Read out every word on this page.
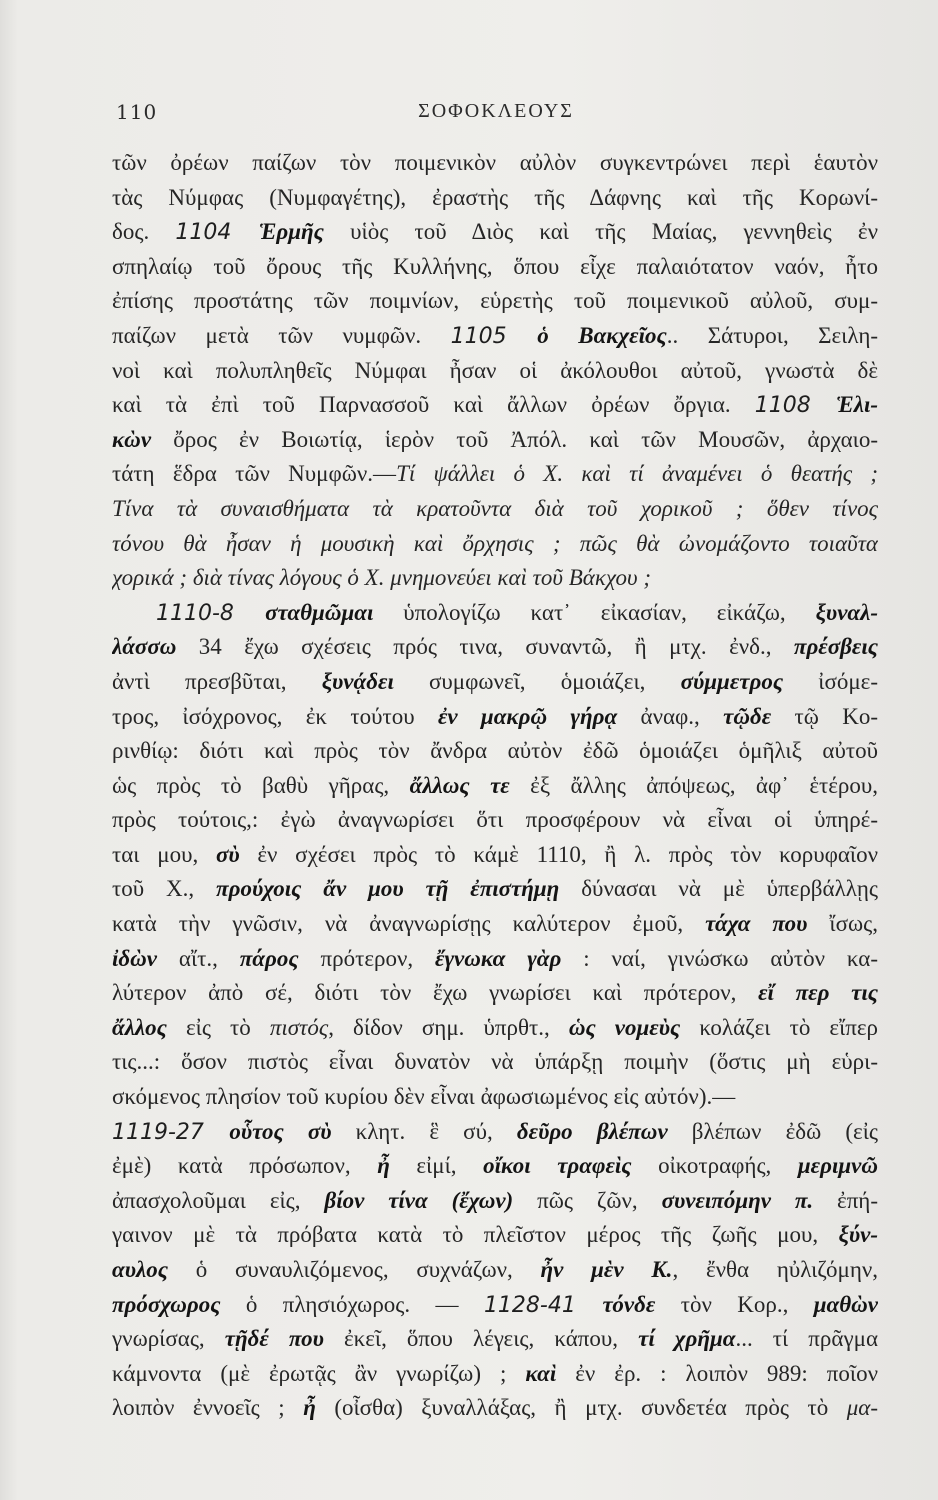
110	ΣΟΦΟΚΛΕΟΥΣ
τῶν ὀρέων παίζων τὸν ποιμενικὸν αὐλὸν συγκεντρώνει περὶ ἑαυτὸν
τὰς Νύμφας (Νυμφαγέτης), ἐραστὴς τῆς Δάφνης καὶ τῆς Κορωνί-
δος. 1104 Ἑρμῆς υἱὸς τοῦ Διὸς καὶ τῆς Μαίας, γεννηθεὶς ἐν
σπηλαίῳ τοῦ ὄρους τῆς Κυλλήνης, ὅπου εἶχε παλαιότατον ναόν, ἦτο
ἐπίσης προστάτης τῶν ποιμνίων, εὑρετὴς τοῦ ποιμενικοῦ αὐλοῦ, συμ-
παίζων μετὰ τῶν νυμφῶν. 1105 ὁ Βακχεῖος.. Σάτυροι, Σειλη-
νοὶ καὶ πολυπληθεῖς Νύμφαι ἦσαν οἱ ἀκόλουθοι αὐτοῦ, γνωστὰ δὲ
καὶ τὰ ἐπὶ τοῦ Παρνασσοῦ καὶ ἄλλων ὀρέων ὄργια. 1108 Ἑλι-
κὼν ὄρος ἐν Βοιωτίᾳ, ἱερὸν τοῦ Ἀπόλ. καὶ τῶν Μουσῶν, ἀρχαιο-
τάτη ἕδρα τῶν Νυμφῶν.—Τί ψάλλει ὁ Χ. καὶ τί ἀναμένει ὁ θεατής ;
Τίνα τὰ συναισθήματα τὰ κρατοῦντα διὰ τοῦ χορικοῦ ; ὅθεν τίνος
τόνου θὰ ἦσαν ἡ μουσικὴ καὶ ὄρχησις ; πῶς θὰ ὠνομάζοντο τοιαῦτα
χορικά ; διὰ τίνας λόγους ὁ Χ. μνημονεύει καὶ τοῦ Βάκχου ;
1110-8 σταθμῶμαι ὑπολογίζω κατ᾽ εἰκασίαν, εἰκάζω, ξυναλ-
λάσσω 34 ἔχω σχέσεις πρός τινα, συναντῶ, ἢ μτχ. ἐνδ., πρέσβεις
ἀντὶ πρεσβῦται, ξυνᾴδει συμφωνεῖ, ὁμοιάζει, σύμμετρος ἰσόμε-
τρος, ἰσόχρονος, ἐκ τούτου ἐν μακρῷ γήρᾳ ἀναφ., τῷδε τῷ Κο-
ρινθίῳ: διότι καὶ πρὸς τὸν ἄνδρα αὐτὸν ἐδῶ ὁμοιάζει ὁμῆλιξ αὐτοῦ
ὡς πρὸς τὸ βαθὺ γῆρας, ἄλλως τε ἐξ ἄλλης ἀπόψεως, ἀφ᾽ ἑτέρου,
πρὸς τούτοις,: ἐγὼ ἀναγνωρίσει ὅτι προσφέρουν νὰ εἶναι οἱ ὑπηρέ-
ται μου, σὺ ἐν σχέσει πρὸς τὸ κάμὲ 1110, ἢ λ. πρὸς τὸν κορυφαῖον
τοῦ Χ., προύχοις ἄν μου τῇ ἐπιστήμῃ δύνασαι νὰ μὲ ὑπερβάλλῃς
κατὰ τὴν γνῶσιν, νὰ ἀναγνωρίσῃς καλύτερον ἐμοῦ, τάχα που ἴσως,
ἰδὼν αἴτ., πάρος πρότερον, ἔγνωκα γὰρ : ναί, γινώσκω αὐτὸν κα-
λύτερον ἀπὸ σέ, διότι τὸν ἔχω γνωρίσει καὶ πρότερον, εἴ περ τις
ἄλλος εἰς τὸ πιστός, δίδον σημ. ὑπρθτ., ὡς νομεὺς κολάζει τὸ εἴπερ
τις...: ὅσον πιστὸς εἶναι δυνατὸν νὰ ὑπάρξῃ ποιμὴν (ὅστις μὴ εὑρι-
σκόμενος πλησίον τοῦ κυρίου δὲν εἶναι ἀφωσιωμένος εἰς αὐτόν).—
1119-27 οὗτος σὺ κλητ. ἓ σύ, δεῦρο βλέπων βλέπων ἐδῶ (εἰς
ἐμὲ) κατὰ πρόσωπον, ἦ εἰμί, οἴκοι τραφεὶς οἰκοτραφής, μεριμνῶ
ἀπασχολοῦμαι εἰς, βίον τίνα (ἔχων) πῶς ζῶν, συνειπόμην π. ἐπή-
γαινον μὲ τὰ πρόβατα κατὰ τὸ πλεῖστον μέρος τῆς ζωῆς μου, ξύν-
αυλος ὁ συναυλιζόμενος, συχνάζων, ἦν μὲν Κ., ἔνθα ηὐλιζόμην,
πρόσχωρος ὁ πλησιόχωρος. — 1128-41 τόνδε τὸν Κορ., μαθὼν
γνωρίσας, τῇδέ που ἐκεῖ, ὅπου λέγεις, κάπου, τί χρῆμα... τί πρᾶγμα
κάμνοντα (μὲ ἐρωτᾷς ἂν γνωρίζω) ; καὶ ἐν ἐρ. : λοιπὸν 989: ποῖον
λοιπὸν ἐννοεῖς ; ἦ (οἶσθα) ξυναλλάξας, ἢ μτχ. συνδετέα πρὸς τὸ μα-
